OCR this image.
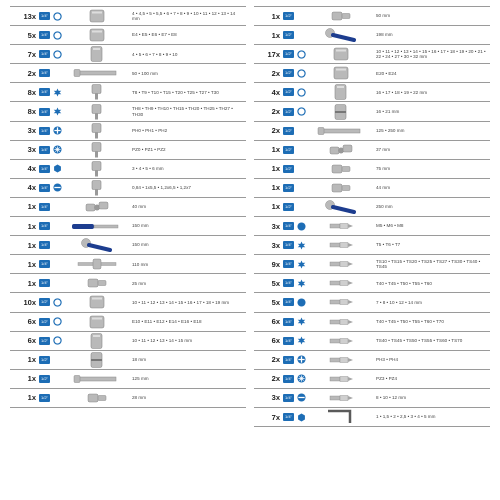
13x	1/4"	4 • 4,5 • 5 • 5,5 • 6 • 7 • 8 • 9 • 10 • 11 • 12 • 13 • 14 mm
5x	1/4"	E4 • E5 • E6 • E7 • E8
7x	1/4"	4 • 5 • 6 • 7 • 8 • 9 • 10
2x	1/4"	50 • 100 mm
8x	1/4"	T8 • T9 • T10 • T15 • T20 • T25 • T27 • T30
8x	1/4"	TH8 • TH9 • TH10 • TH15 • TH20 • TH25 • TH27 • TH30
3x	1/4"	PH0 • PH1 • PH2
3x	1/4"	PZ0 • PZ1 • PZ2
4x	1/4"	3 • 4 • 5 • 6 mm
4x	1/4"	0,84 • 1x5,5 • 1,2x6,5 • 1,2x7
1x	1/4"	40 mm
1x	1/4"	150 mm
1x	1/4"	150 mm
1x	1/4"	110 mm
1x	1/4"	25 mm
10x	1/2"	10 • 11 • 12 • 13 • 14 • 15 • 16 • 17 • 18 • 19 mm
6x	1/2"	E10 • E11 • E12 • E14 • E16 • E18
6x	1/2"	10 • 11 • 12 • 13 • 14 • 15 mm
1x	1/2"	18 mm
1x	1/2"	125 mm
1x	1/2"	28 mm
1x	1/2"	50 mm
1x	1/2"	198 mm
17x	1/2"	10 • 11 • 12 • 13 • 14 • 15 • 16 • 17 • 18 • 19 • 20 • 21 • 22 • 24 • 27 • 30 • 32 mm
2x	1/2"	E20 • E24
4x	1/2"	16 • 17 • 18 • 19 • 22 mm
2x	1/2"	16 • 21 mm
2x	1/2"	125 • 250 mm
1x	1/2"	37 mm
1x	1/2"	75 mm
1x	1/2"	44 mm
1x	1/2"	250 mm
3x	1/4"	M5 • M6 • M8
3x	1/4"	T5 • T6 • T7
9x	1/4"	TS10 • TS15 • TS20 • TS25 • TS27 • TS30 • TS40 • TS45
5x	1/4"	T40 • T45 • T50 • T55 • T60
5x	1/4"	7 • 8 • 10 • 12 • 14 mm
6x	1/4"	T40 • T45 • T50 • T55 • T60 • T70
6x	1/4"	TS40 • TS45 • TS50 • TS55 • TS60 • TS70
2x	1/4"	PH3 • PH4
2x	1/4"	PZ3 • PZ4
3x	1/4"	8 • 10 • 12 mm
7x	1/4"	1 • 1,5 • 2 • 2,5 • 3 • 4 • 5 mm
